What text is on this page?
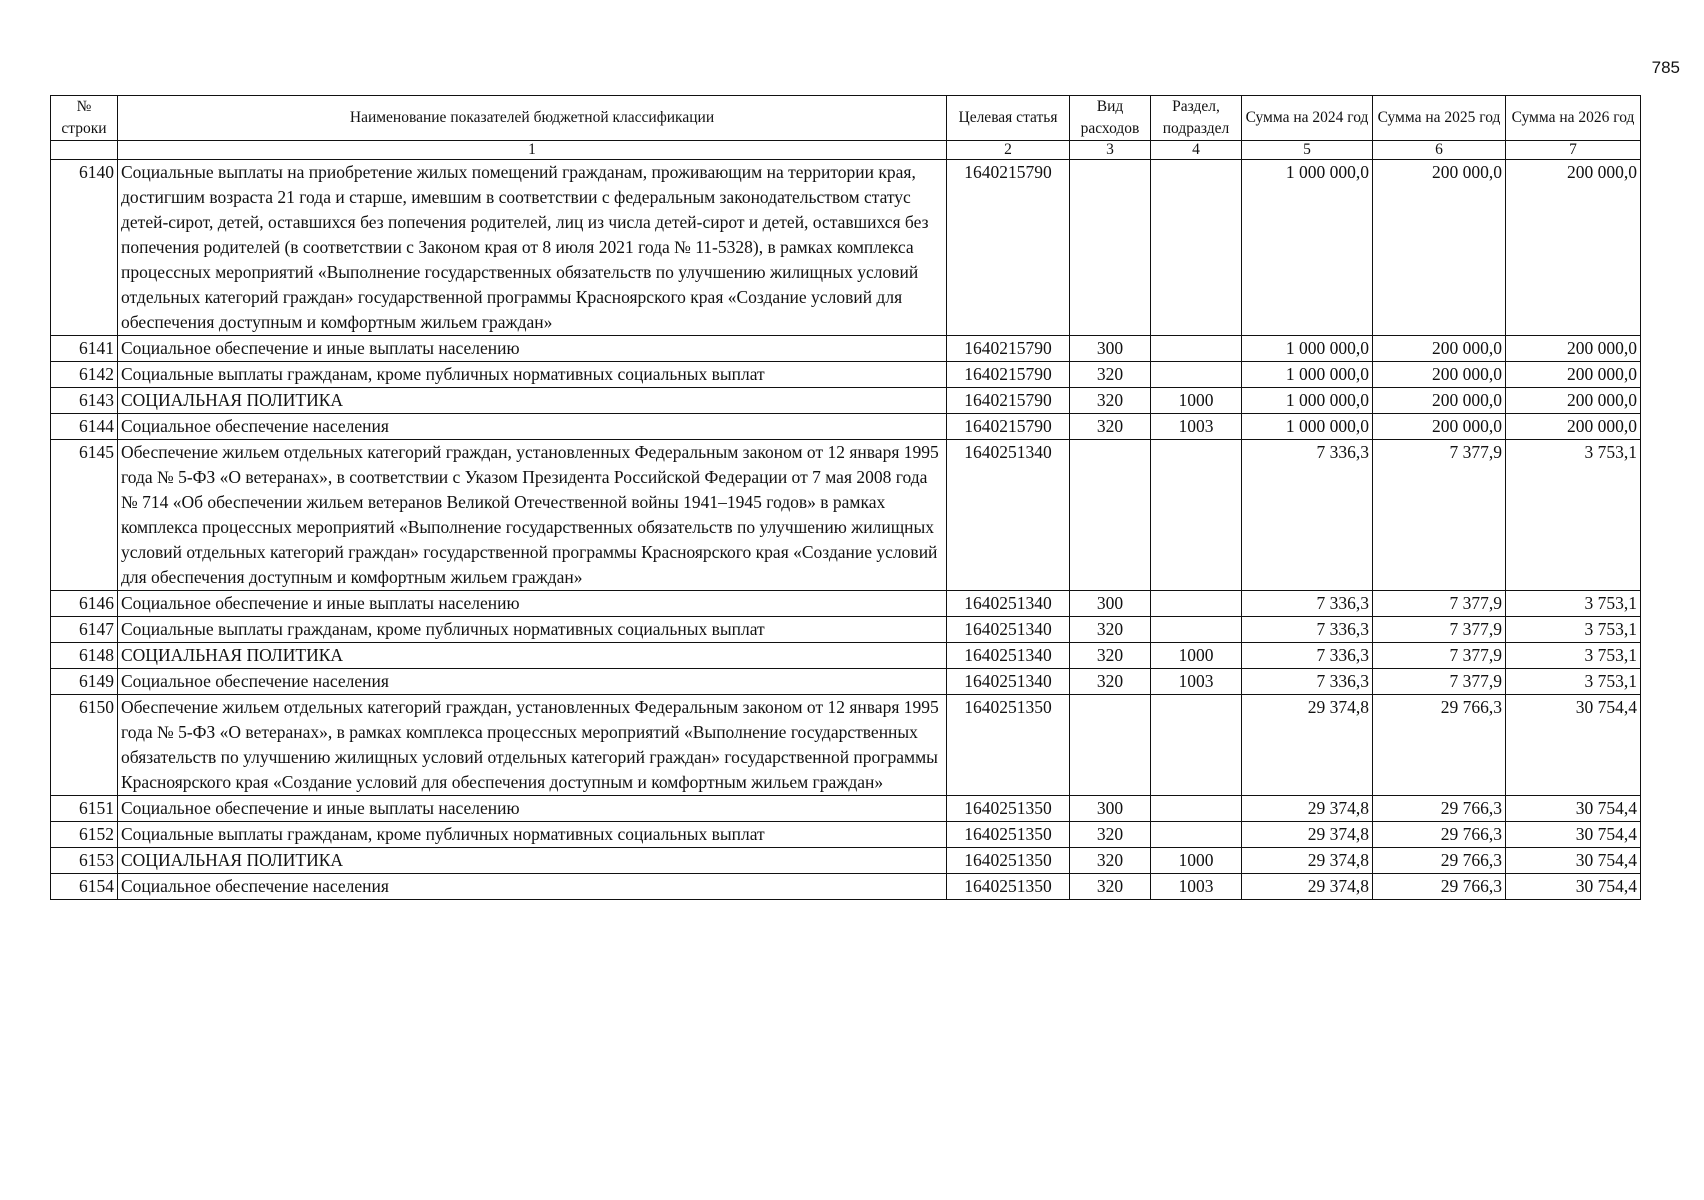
785
№ строки	Наименование показателей бюджетной классификации	Целевая статья	Вид расходов	Раздел, подраздел	Сумма на 2024 год	Сумма на 2025 год	Сумма на 2026 год
	1	2	3	4	5	6	7
6140	Социальные выплаты на приобретение жилых помещений гражданам, проживающим на территории края, достигшим возраста 21 года и старше, имевшим в соответствии с федеральным законодательством статус детей-сирот, детей, оставшихся без попечения родителей, лиц из числа детей-сирот и детей, оставшихся без попечения родителей (в соответствии с Законом края от 8 июля 2021 года № 11-5328), в рамках комплекса процессных мероприятий «Выполнение государственных обязательств по улучшению жилищных условий отдельных категорий граждан» государственной программы Красноярского края «Создание условий для обеспечения доступным и комфортным жильем граждан»	1640215790			1 000 000,0	200 000,0	200 000,0
6141	Социальное обеспечение и иные выплаты населению	1640215790	300		1 000 000,0	200 000,0	200 000,0
6142	Социальные выплаты гражданам, кроме публичных нормативных социальных выплат	1640215790	320		1 000 000,0	200 000,0	200 000,0
6143	СОЦИАЛЬНАЯ ПОЛИТИКА	1640215790	320	1000	1 000 000,0	200 000,0	200 000,0
6144	Социальное обеспечение населения	1640215790	320	1003	1 000 000,0	200 000,0	200 000,0
6145	Обеспечение жильем отдельных категорий граждан, установленных Федеральным законом от 12 января 1995 года № 5-ФЗ «О ветеранах», в соответствии с Указом Президента Российской Федерации от 7 мая 2008 года № 714 «Об обеспечении жильем ветеранов Великой Отечественной войны 1941–1945 годов» в рамках комплекса процессных мероприятий «Выполнение государственных обязательств по улучшению жилищных условий отдельных категорий граждан» государственной программы Красноярского края «Создание условий для обеспечения доступным и комфортным жильем граждан»	1640251340			7 336,3	7 377,9	3 753,1
6146	Социальное обеспечение и иные выплаты населению	1640251340	300		7 336,3	7 377,9	3 753,1
6147	Социальные выплаты гражданам, кроме публичных нормативных социальных выплат	1640251340	320		7 336,3	7 377,9	3 753,1
6148	СОЦИАЛЬНАЯ ПОЛИТИКА	1640251340	320	1000	7 336,3	7 377,9	3 753,1
6149	Социальное обеспечение населения	1640251340	320	1003	7 336,3	7 377,9	3 753,1
6150	Обеспечение жильем отдельных категорий граждан, установленных Федеральным законом от 12 января 1995 года № 5-ФЗ «О ветеранах», в рамках комплекса процессных мероприятий «Выполнение государственных обязательств по улучшению жилищных условий отдельных категорий граждан» государственной программы Красноярского края «Создание условий для обеспечения доступным и комфортным жильем граждан»	1640251350			29 374,8	29 766,3	30 754,4
6151	Социальное обеспечение и иные выплаты населению	1640251350	300		29 374,8	29 766,3	30 754,4
6152	Социальные выплаты гражданам, кроме публичных нормативных социальных выплат	1640251350	320		29 374,8	29 766,3	30 754,4
6153	СОЦИАЛЬНАЯ ПОЛИТИКА	1640251350	320	1000	29 374,8	29 766,3	30 754,4
6154	Социальное обеспечение населения	1640251350	320	1003	29 374,8	29 766,3	30 754,4
